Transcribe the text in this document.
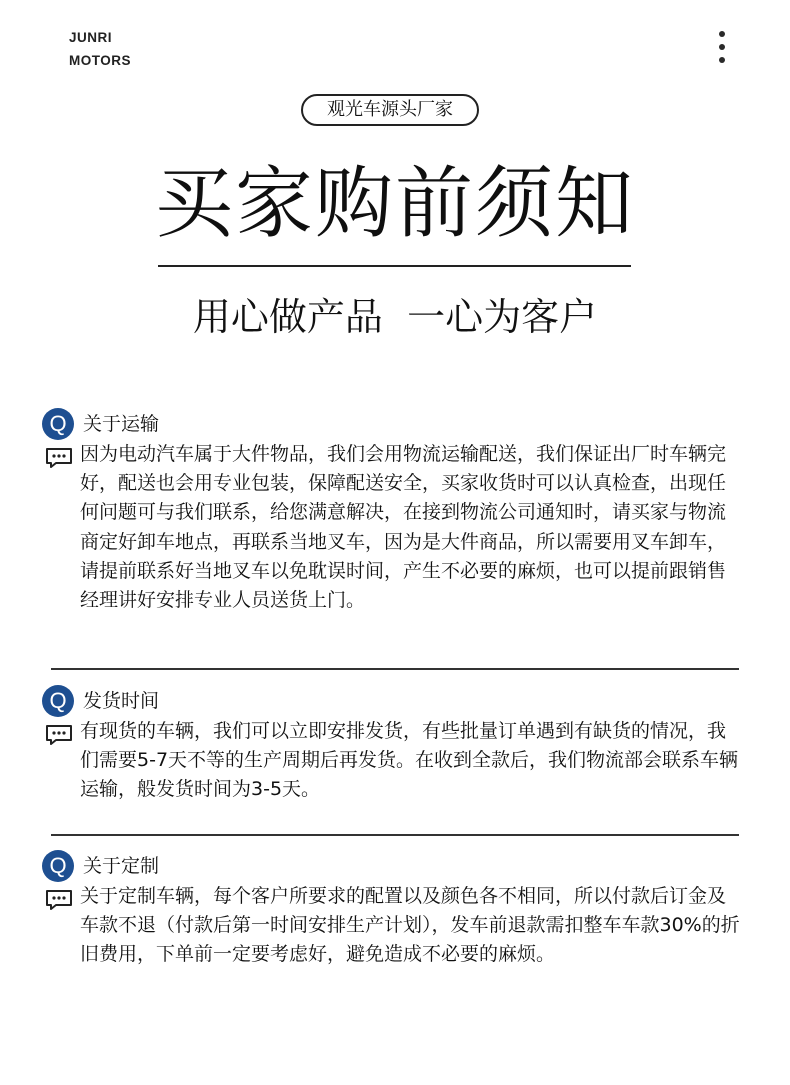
JUNRI
MOTORS
观光车源头厂家
买家购前须知
用心做产品  一心为客户
Q 关于运输

因为电动汽车属于大件物品，我们会用物流运输配送，我们保证出厂时车辆完好，配送也会用专业包装，保障配送安全，买家收货时可以认真检查，出现任何问题可与我们联系，给您满意解决，在接到物流公司通知时，请买家与物流商定好卸车地点，再联系当地叉车，因为是大件商品，所以需要用叉车卸车，请提前联系好当地叉车以免耽误时间，产生不必要的麻烦，也可以提前跟销售经理讲好安排专业人员送货上门。

Q 发货时间

有现货的车辆，我们可以立即安排发货，有些批量订单遇到有缺货的情况，我们需要5-7天不等的生产周期后再发货。在收到全款后，我们物流部会联系车辆运输，般发货时间为3-5天。

Q 关于定制

关于定制车辆，每个客户所要求的配置以及颜色各不相同，所以付款后订金及车款不退（付款后第一时间安排生产计划），发车前退款需扣整车车款30%的折旧费用，下单前一定要考虑好，避免造成不必要的麻烦。
